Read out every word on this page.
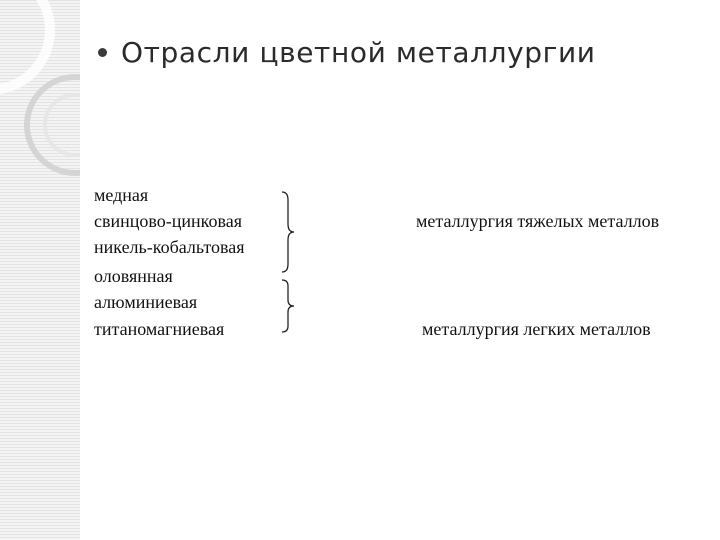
Отрасли цветной металлургии
медная
свинцово-цинковая
никель-кобальтовая
оловянная
алюминиевая
титаномагниевая
металлургия тяжелых металлов
металлургия легких металлов
